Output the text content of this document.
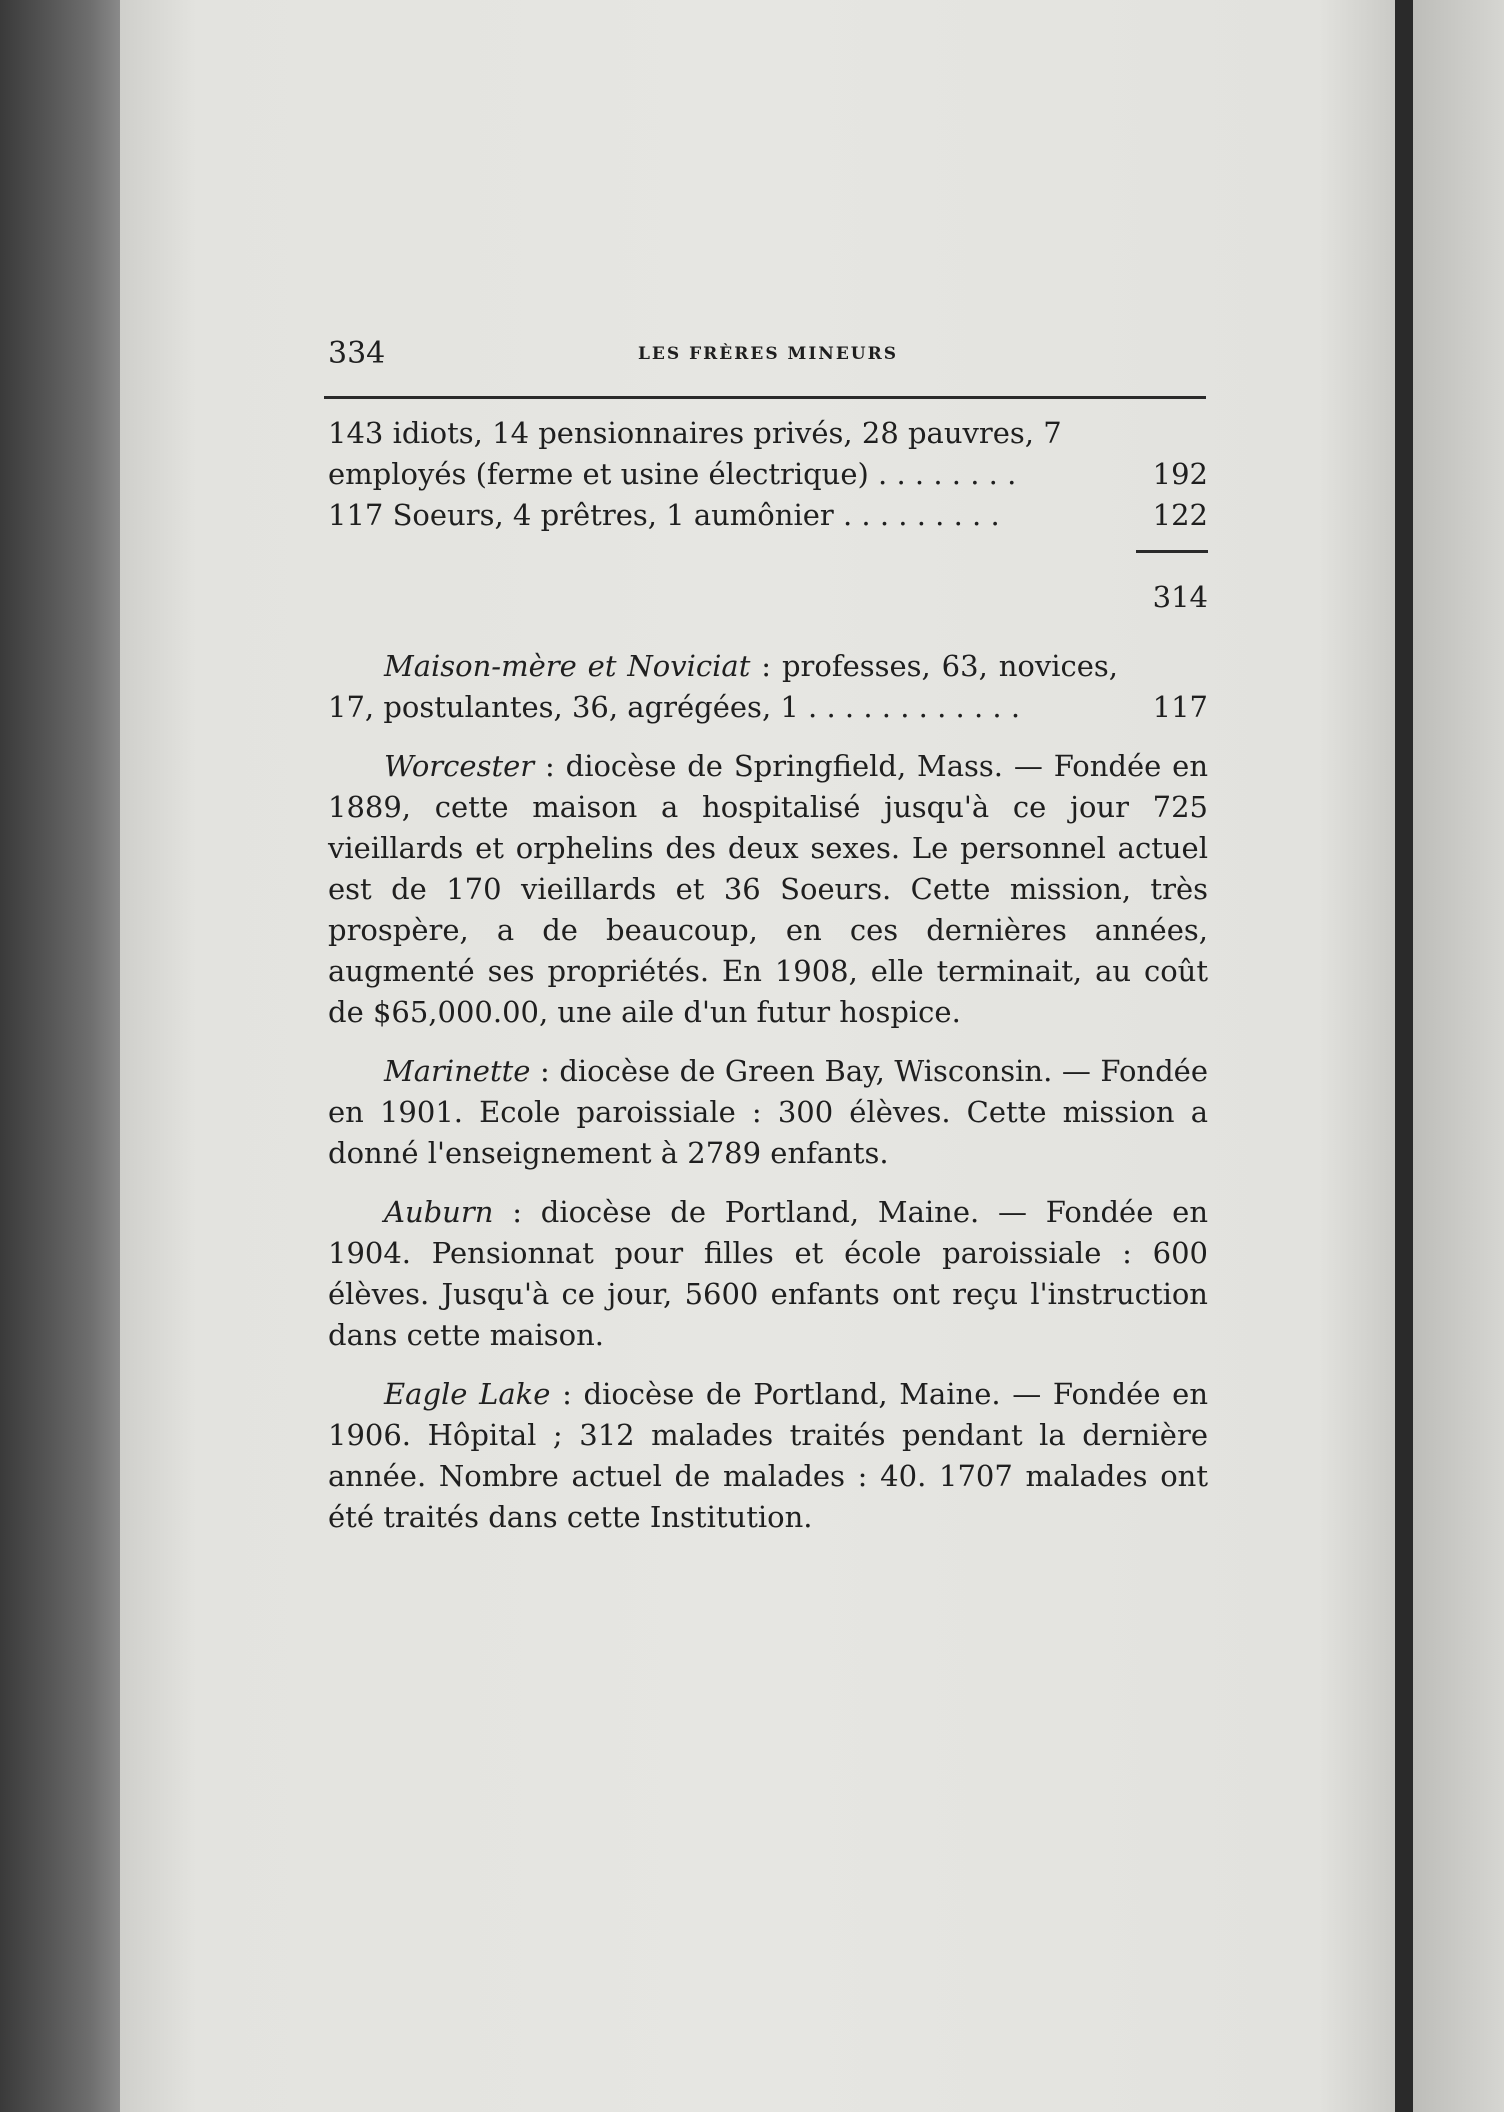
334	LES FRÈRES MINEURS
143 idiots, 14 pensionnaires privés, 28 pauvres, 7 employés (ferme et usine électrique) . . . . . . . .	192
117 Soeurs, 4 prêtres, 1 aumônier . . . . . . . . .	122
314

Maison-mère et Noviciat : professes, 63, novices, 17, postulantes, 36, agrégées, 1 . . . . . . . . . . . .	117

Worcester : diocèse de Springfield, Mass. — Fondée en 1889, cette maison a hospitalisé jusqu'à ce jour 725 vieillards et orphelins des deux sexes. Le personnel actuel est de 170 vieillards et 36 Soeurs. Cette mission, très prospère, a de beaucoup, en ces dernières années, augmenté ses propriétés. En 1908, elle terminait, au coût de $65,000.00, une aile d'un futur hospice.

Marinette : diocèse de Green Bay, Wisconsin. — Fondée en 1901. Ecole paroissiale : 300 élèves. Cette mission a donné l'enseignement à 2789 enfants.

Auburn : diocèse de Portland, Maine. — Fondée en 1904. Pensionnat pour filles et école paroissiale : 600 élèves. Jusqu'à ce jour, 5600 enfants ont reçu l'instruction dans cette maison.

Eagle Lake : diocèse de Portland, Maine. — Fondée en 1906. Hôpital ; 312 malades traités pendant la dernière année. Nombre actuel de malades : 40. 1707 malades ont été traités dans cette Institution.
